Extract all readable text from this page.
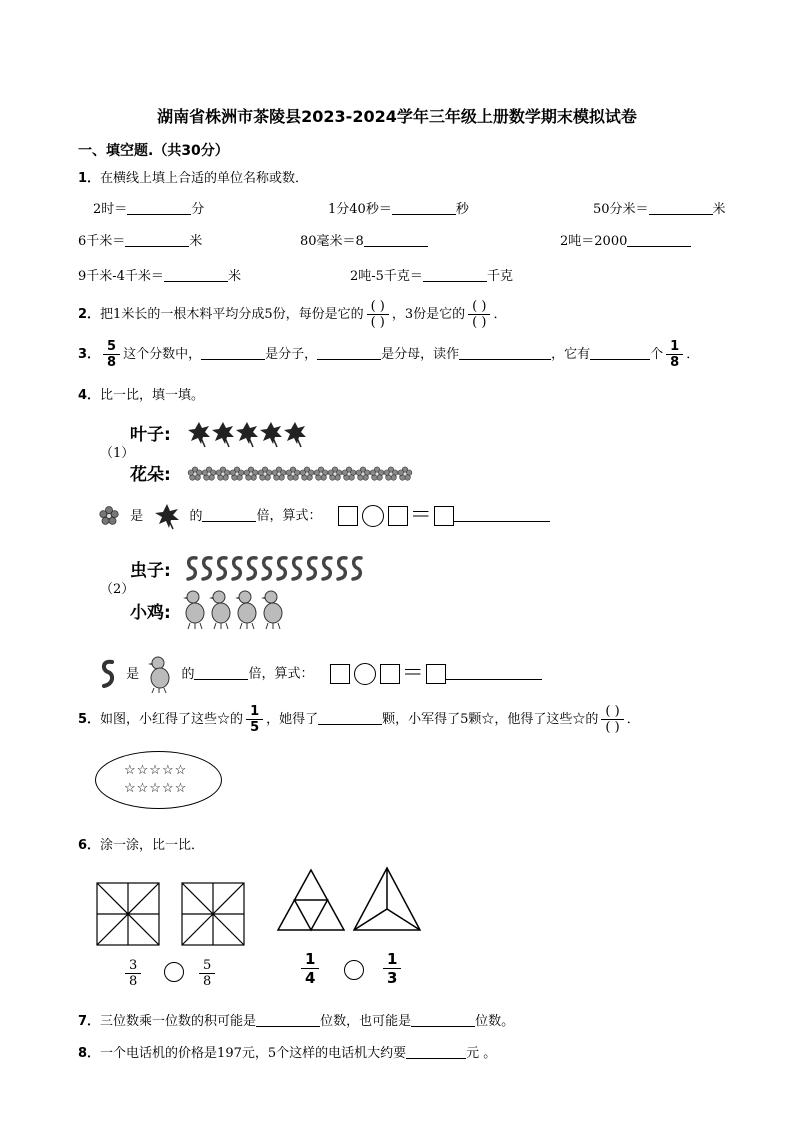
湖南省株洲市茶陵县2023-2024学年三年级上册数学期末模拟试卷
一、填空题.（共30分）
1．在横线上填上合适的单位名称或数．
2时＝	分	1分40秒＝	秒	50分米＝	米
6千米＝	米	80毫米＝8	2吨＝2000
9千米-4千米＝	米	2吨-5千克＝	千克
2．把1米长的一根木料平均分成5份，每份是它的 $\frac{( )}{( )}$ ，3份是它的 $\frac{( )}{( )}$ ．
3． $\frac{5}{8}$ 这个分数中，	是分子，	是分母，读作	，它有	个 $\frac{1}{8}$ ．
4．比一比，填一填。
（1）
叶子:
花朵:
是	的	倍，算式：	＝
虫子:
（2）
小鸡:
是	的	倍，算式：	＝
5．如图，小红得了这些☆的 $\frac{1}{5}$ ，她得了	颗，小军得了5颗☆，他得了这些☆的 $\frac{( )}{( )}$ ．
☆☆☆☆☆
☆☆☆☆☆
6．涂一涂，比一比．
$\frac{3}{8}$	$\frac{5}{8}$	$\frac{1}{4}$	$\frac{1}{3}$
7．三位数乘一位数的积可能是	位数，也可能是	位数。
8．一个电话机的价格是197元，5个这样的电话机大约要	元 。
